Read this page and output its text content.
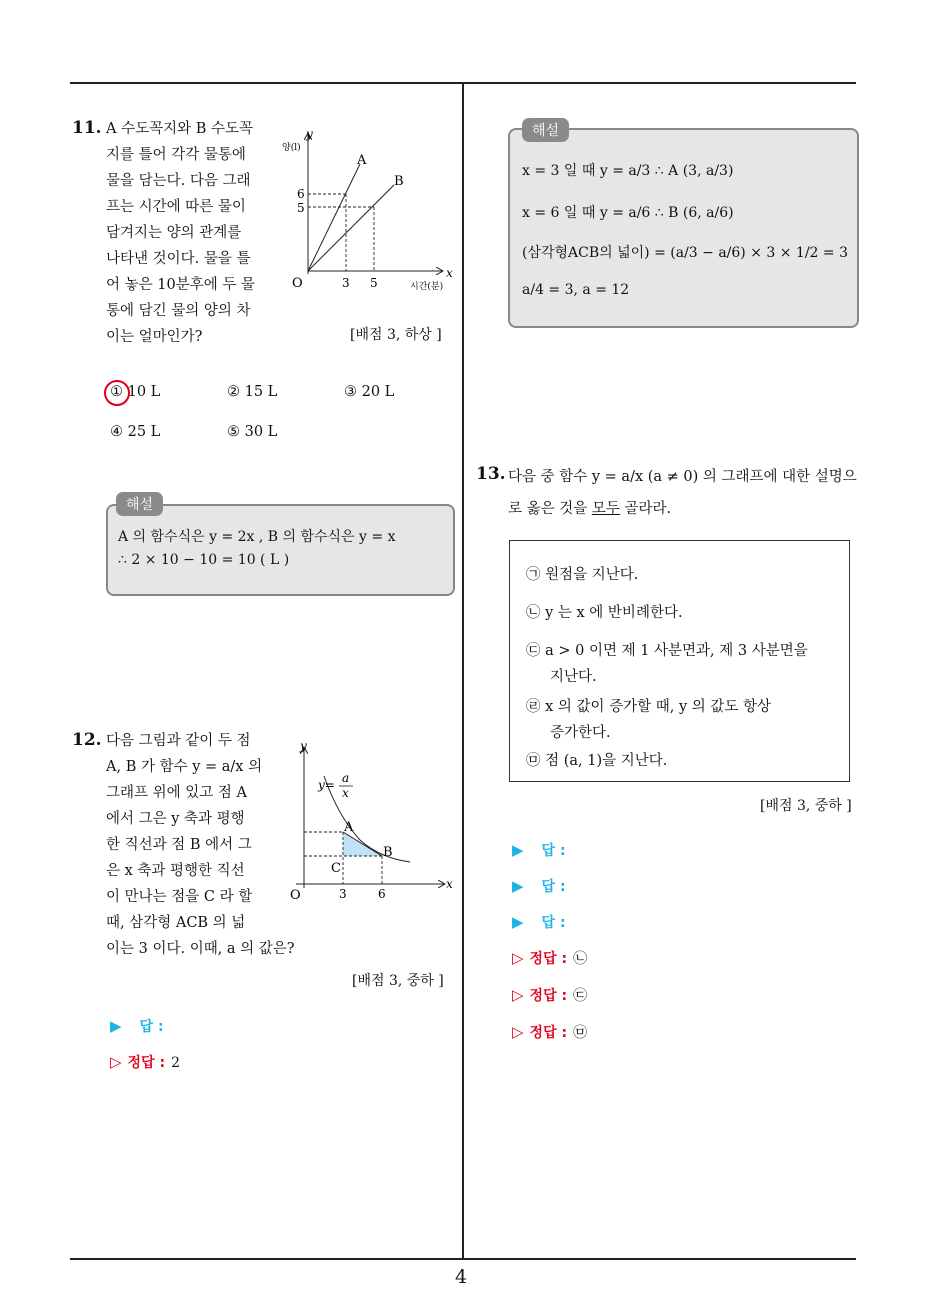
4
11. A 수도꼭지와 B 수도꼭
지를 틀어 각각 물통에
물을 담는다. 다음 그래
프는 시간에 따른 물이
담겨지는 양의 관계를
나타낸 것이다. 물을 틀
어 놓은 10분후에 두 물
통에 담긴 물의 양의 차
이는 얼마인가?
양(l)
y
x
시간(분)
O
A
B
6
5
3 5
[배점 3, 하상 ]
① 10 L	② 15 L	③ 20 L
④ 25 L	⑤ 30 L
해설
A 의 함수식은 y = 2x , B 의 함수식은 y = x
∴ 2 × 10 − 10 = 10 ( L )
12. 다음 그림과 같이 두 점
A, B 가 함수 y = a/x 의
그래프 위에 있고 점 A
에서 그은 y 축과 평행
한 직선과 점 B 에서 그
은 x 축과 평행한 직선
이 만나는 점을 C 라 할
때, 삼각형 ACB 의 넓
이는 3 이다. 이때, a 의 값은?
y
x
O
y= a
x
A
B
C
3	6
[배점 3, 중하 ]
▶ 답 :
▷ 정답 : 2
해설
x = 3 일 때 y = a/3 ∴ A (3, a/3)
x = 6 일 때 y = a/6 ∴ B (6, a/6)
(삼각형ACB의 넓이) = (a/3 − a/6) × 3 × 1/2 = 3
a/4 = 3, a = 12
13. 다음 중 함수 y = a/x (a ≠ 0) 의 그래프에 대한 설명으
로 옳은 것을 모두 골라라.
㉠ 원점을 지난다.
㉡ y 는 x 에 반비례한다.
㉢ a > 0 이면 제 1 사분면과, 제 3 사분면을
지난다.
㉣ x 의 값이 증가할 때, y 의 값도 항상
증가한다.
㉤ 점 (a, 1)을 지난다.
[배점 3, 중하 ]
▶ 답 :
▶ 답 :
▶ 답 :
▷ 정답 : ㉡
▷ 정답 : ㉢
▷ 정답 : ㉤
